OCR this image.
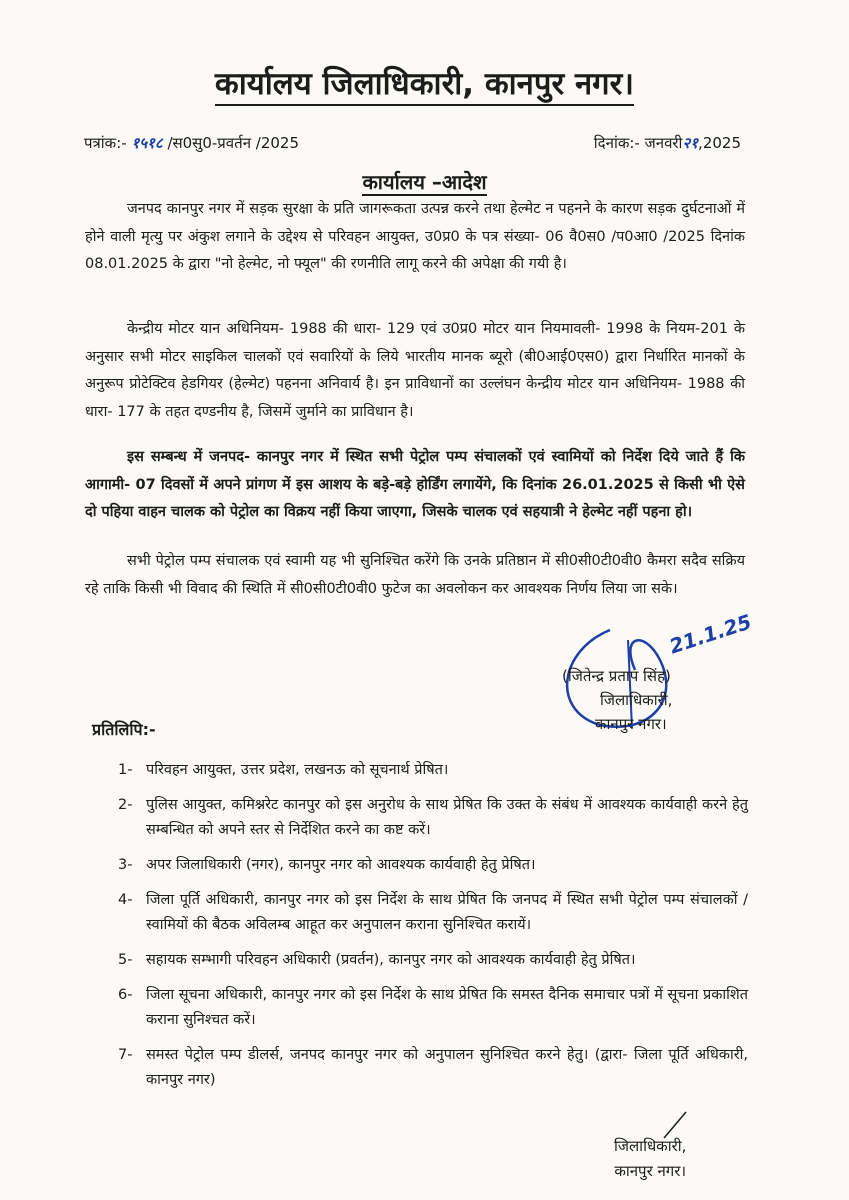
कार्यालय जिलाधिकारी, कानपुर नगर।
पत्रांक:- १५१८ /स0सु0-प्रवर्तन /2025	दिनांक:- जनवरी२१,2025
कार्यालय –आदेश
जनपद कानपुर नगर में सड़क सुरक्षा के प्रति जागरूकता उत्पन्न करने तथा हेल्मेट न पहनने के कारण सड़क दुर्घटनाओं में होने वाली मृत्यु पर अंकुश लगाने के उद्देश्य से परिवहन आयुक्त, उ0प्र0 के पत्र संख्या- 06 वै0स0 /प0आ0 /2025 दिनांक 08.01.2025 के द्वारा "नो हेल्मेट, नो फ्यूल" की रणनीति लागू करने की अपेक्षा की गयी है।
केन्द्रीय मोटर यान अधिनियम- 1988 की धारा- 129 एवं उ0प्र0 मोटर यान नियमावली- 1998 के नियम-201 के अनुसार सभी मोटर साइकिल चालकों एवं सवारियों के लिये भारतीय मानक ब्यूरो (बी0आई0एस0) द्वारा निर्धारित मानकों के अनुरूप प्रोटेक्टिव हेडगियर (हेल्मेट) पहनना अनिवार्य है। इन प्राविधानों का उल्लंघन केन्द्रीय मोटर यान अधिनियम- 1988 की धारा- 177 के तहत दण्डनीय है, जिसमें जुर्माने का प्राविधान है।
इस सम्बन्ध में जनपद- कानपुर नगर में स्थित सभी पेट्रोल पम्प संचालकों एवं स्वामियों को निर्देश दिये जाते हैं कि आगामी- 07 दिवसों में अपने प्रांगण में इस आशय के बड़े-बड़े होर्डिंग लगायेंगे, कि दिनांक 26.01.2025 से किसी भी ऐसे दो पहिया वाहन चालक को पेट्रोल का विक्रय नहीं किया जाएगा, जिसके चालक एवं सहयात्री ने हेल्मेट नहीं पहना हो।
सभी पेट्रोल पम्प संचालक एवं स्वामी यह भी सुनिश्चित करेंगे कि उनके प्रतिष्ठान में सी0सी0टी0वी0 कैमरा सदैव सक्रिय रहे ताकि किसी भी विवाद की स्थिति में सी0सी0टी0वी0 फुटेज का अवलोकन कर आवश्यक निर्णय लिया जा सके।
21.1.25
(जितेन्द्र प्रताप सिंह)
जिलाधिकारी,
कानपुर नगर।
प्रतिलिपि:-
1- परिवहन आयुक्त, उत्तर प्रदेश, लखनऊ को सूचनार्थ प्रेषित।
2- पुलिस आयुक्त, कमिश्नरेट कानपुर को इस अनुरोध के साथ प्रेषित कि उक्त के संबंध में आवश्यक कार्यवाही करने हेतु सम्बन्धित को अपने स्तर से निर्देशित करने का कष्ट करें।
3- अपर जिलाधिकारी (नगर), कानपुर नगर को आवश्यक कार्यवाही हेतु प्रेषित।
4- जिला पूर्ति अधिकारी, कानपुर नगर को इस निर्देश के साथ प्रेषित कि जनपद में स्थित सभी पेट्रोल पम्प संचालकों /स्वामियों की बैठक अविलम्ब आहूत कर अनुपालन कराना सुनिश्चित करायें।
5- सहायक सम्भागी परिवहन अधिकारी (प्रवर्तन), कानपुर नगर को आवश्यक कार्यवाही हेतु प्रेषित।
6- जिला सूचना अधिकारी, कानपुर नगर को इस निर्देश के साथ प्रेषित कि समस्त दैनिक समाचार पत्रों में सूचना प्रकाशित कराना सुनिश्चत करें।
7- समस्त पेट्रोल पम्प डीलर्स, जनपद कानपुर नगर को अनुपालन सुनिश्चित करने हेतु। (द्वारा- जिला पूर्ति अधिकारी, कानपुर नगर)
जिलाधिकारी,
कानपुर नगर।
